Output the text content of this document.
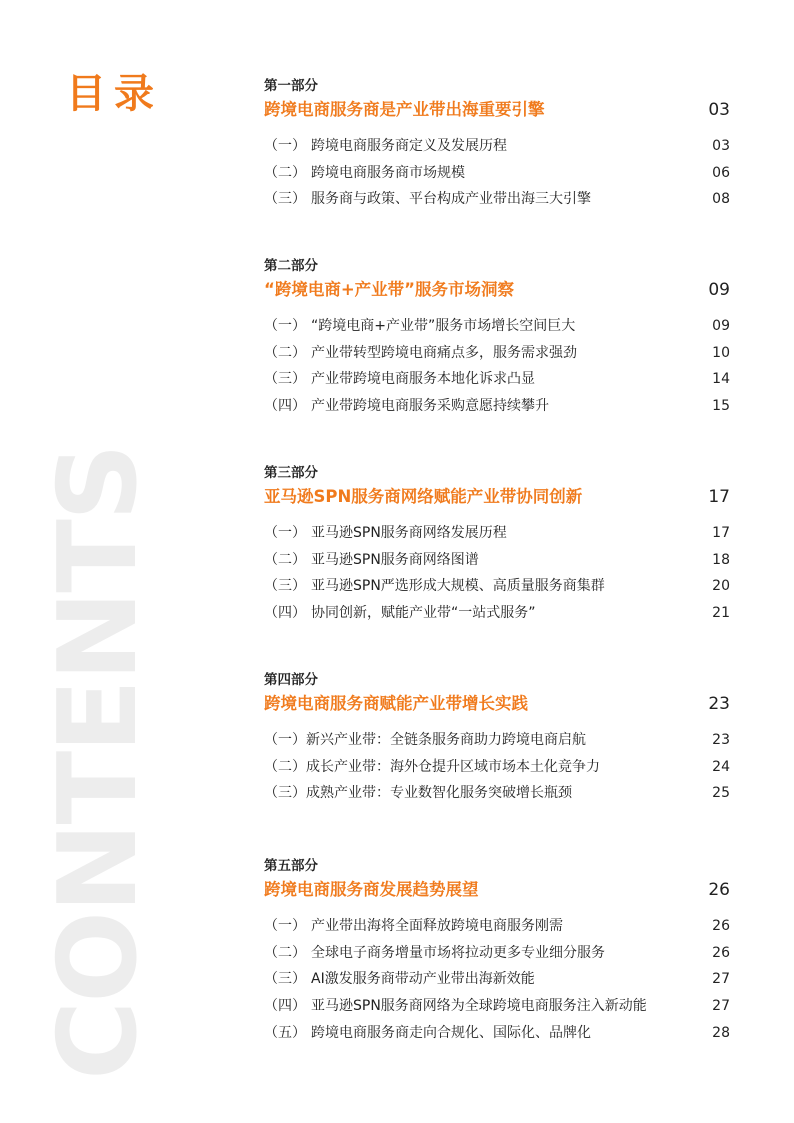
CONTENTS
目录	第一部分
跨境电商服务商是产业带出海重要引擎	03
（一） 跨境电商服务商定义及发展历程	03
（二） 跨境电商服务商市场规模	06
（三） 服务商与政策、平台构成产业带出海三大引擎	08
第二部分
“跨境电商+产业带”服务市场洞察	09
（一） “跨境电商+产业带”服务市场增长空间巨大	09
（二） 产业带转型跨境电商痛点多，服务需求强劲	10
（三） 产业带跨境电商服务本地化诉求凸显	14
（四） 产业带跨境电商服务采购意愿持续攀升	15
第三部分
亚马逊SPN服务商网络赋能产业带协同创新	17
（一） 亚马逊SPN服务商网络发展历程	17
（二） 亚马逊SPN服务商网络图谱	18
（三） 亚马逊SPN严选形成大规模、高质量服务商集群	20
（四） 协同创新，赋能产业带“一站式服务”	21
第四部分
跨境电商服务商赋能产业带增长实践	23
（一） 新兴产业带：全链条服务商助力跨境电商启航	23
（二） 成长产业带：海外仓提升区域市场本土化竞争力	24
（三） 成熟产业带：专业数智化服务突破增长瓶颈	25
第五部分
跨境电商服务商发展趋势展望	26
（一） 产业带出海将全面释放跨境电商服务刚需	26
（二） 全球电子商务增量市场将拉动更多专业细分服务	26
（三） AI激发服务商带动产业带出海新效能	27
（四） 亚马逊SPN服务商网络为全球跨境电商服务注入新动能	27
（五） 跨境电商服务商走向合规化、国际化、品牌化	28
